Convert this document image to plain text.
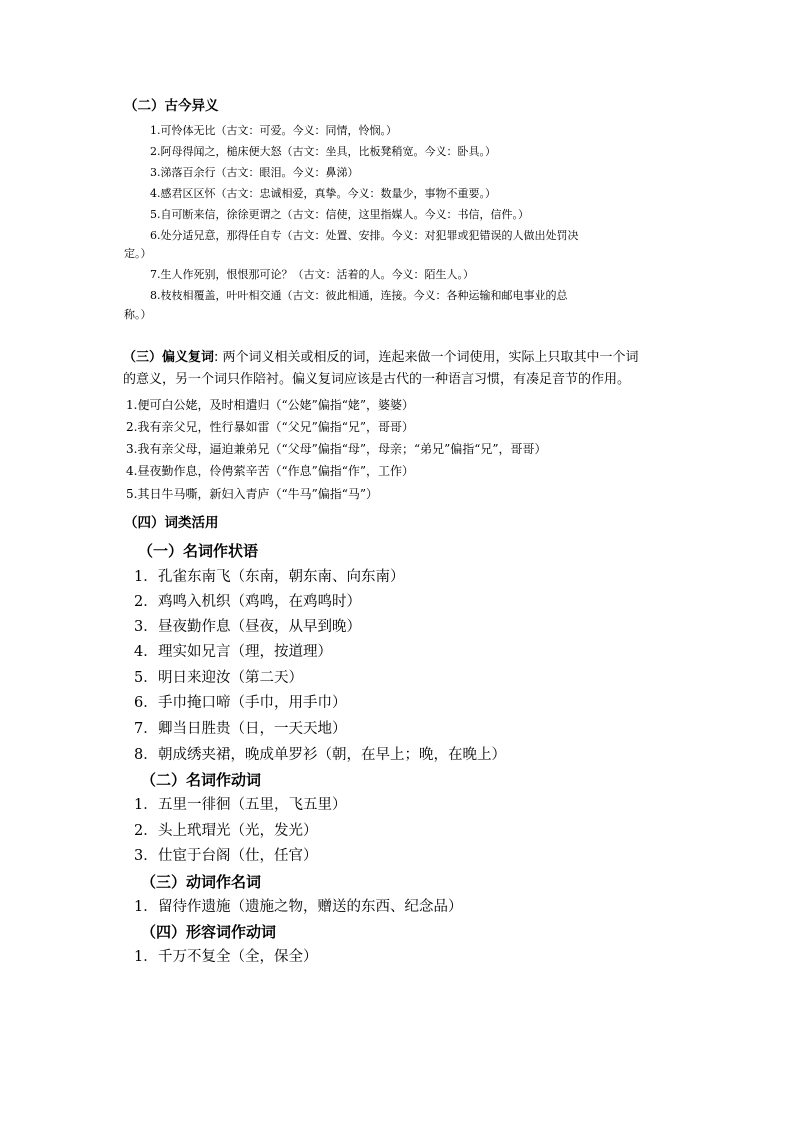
（二）古今异义
1.可怜体无比（古文：可爱。今义：同情，怜悯。）
2.阿母得闻之，槌床便大怒（古文：坐具，比板凳稍宽。今义：卧具。）
3.涕落百余行（古文：眼泪。今义：鼻涕）
4.感君区区怀（古文：忠诚相爱，真挚。今义：数量少，事物不重要。）
5.自可断来信，徐徐更谓之（古文：信使，这里指媒人。今义：书信，信件。）
6.处分适兄意，那得任自专（古文：处置、安排。今义：对犯罪或犯错误的人做出处罚决
定。）
7.生人作死别，恨恨那可论？（古文：活着的人。今义：陌生人。）
8.枝枝相覆盖，叶叶相交通（古文：彼此相通，连接。今义：各种运输和邮电事业的总
称。）
（三）偏义复词: 两个词义相关或相反的词，连起来做一个词使用，实际上只取其中一个词
的意义，另一个词只作陪衬。偏义复词应该是古代的一种语言习惯，有凑足音节的作用。
1.便可白公姥，及时相遣归（“公姥”偏指“姥”，婆婆）
2.我有亲父兄，性行暴如雷（“父兄”偏指“兄”，哥哥）
3.我有亲父母，逼迫兼弟兄（“父母”偏指“母”，母亲；“弟兄”偏指“兄”，哥哥）
4.昼夜勤作息，伶俜萦辛苦（“作息”偏指“作”，工作）
5.其日牛马嘶，新妇入青庐（“牛马”偏指“马”）
（四）词类活用
（一）名词作状语
1．孔雀东南飞（东南，朝东南、向东南）
2．鸡鸣入机织（鸡鸣，在鸡鸣时）
3．昼夜勤作息（昼夜，从早到晚）
4．理实如兄言（理，按道理）
5．明日来迎汝（第二天）
6．手巾掩口啼（手巾，用手巾）
7．卿当日胜贵（日，一天天地）
8．朝成绣夹裙，晚成单罗衫（朝，在早上；晚，在晚上）
（二）名词作动词
1．五里一徘徊（五里，飞五里）
2．头上玳瑁光（光，发光）
3．仕宦于台阁（仕，任官）
（三）动词作名词
1．留待作遗施（遗施之物，赠送的东西、纪念品）
（四）形容词作动词
1．千万不复全（全，保全）
